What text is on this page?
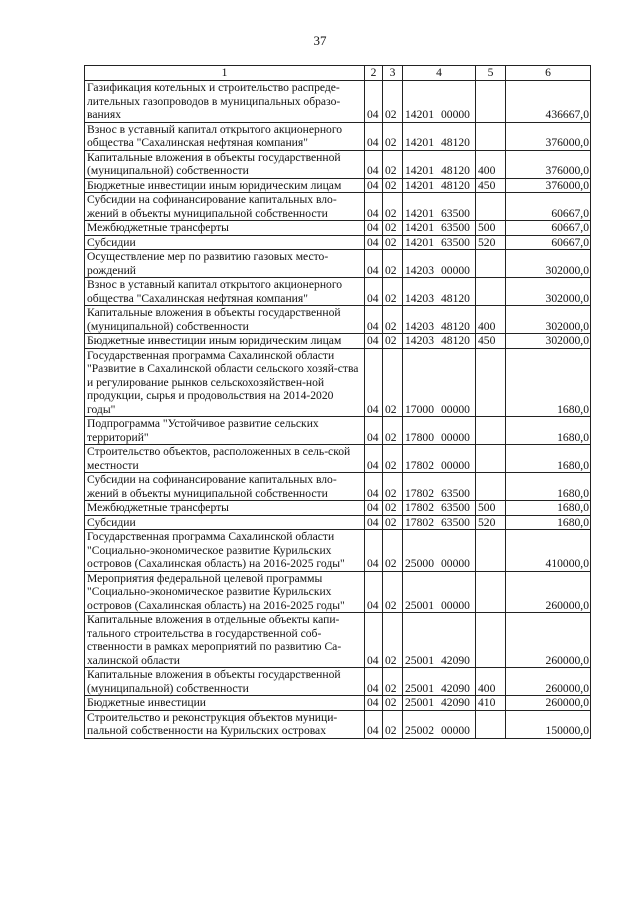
37
1	2	3	4	5	6
Газификация котельных и строительство распреде-лительных газопроводов в муниципальных образо-ваниях	04	02	14201 00000		436667,0
Взнос в уставный капитал открытого акционерного общества "Сахалинская нефтяная компания"	04	02	14201 48120		376000,0
Капитальные вложения в объекты государственной (муниципальной) собственности	04	02	14201 48120	400	376000,0
Бюджетные инвестиции иным юридическим лицам	04	02	14201 48120	450	376000,0
Субсидии на софинансирование капитальных вло-жений в объекты муниципальной собственности	04	02	14201 63500		60667,0
Межбюджетные трансферты	04	02	14201 63500	500	60667,0
Субсидии	04	02	14201 63500	520	60667,0
Осуществление мер по развитию газовых место-рождений	04	02	14203 00000		302000,0
Взнос в уставный капитал открытого акционерного общества "Сахалинская нефтяная компания"	04	02	14203 48120		302000,0
Капитальные вложения в объекты государственной (муниципальной) собственности	04	02	14203 48120	400	302000,0
Бюджетные инвестиции иным юридическим лицам	04	02	14203 48120	450	302000,0
Государственная программа Сахалинской области "Развитие в Сахалинской области сельского хозяй-ства и регулирование рынков сельскохозяйствен-ной продукции, сырья и продовольствия на 2014-2020 годы"	04	02	17000 00000		1680,0
Подпрограмма "Устойчивое развитие сельских территорий"	04	02	17800 00000		1680,0
Строительство объектов, расположенных в сель-ской местности	04	02	17802 00000		1680,0
Субсидии на софинансирование капитальных вло-жений в объекты муниципальной собственности	04	02	17802 63500		1680,0
Межбюджетные трансферты	04	02	17802 63500	500	1680,0
Субсидии	04	02	17802 63500	520	1680,0
Государственная программа Сахалинской области "Социально-экономическое развитие Курильских островов (Сахалинская область) на 2016-2025 годы"	04	02	25000 00000		410000,0
Мероприятия федеральной целевой программы "Социально-экономическое развитие Курильских островов (Сахалинская область) на 2016-2025 годы"	04	02	25001 00000		260000,0
Капитальные вложения в отдельные объекты капи-тального строительства в государственной соб-ственности в рамках мероприятий по развитию Са-халинской области	04	02	25001 42090		260000,0
Капитальные вложения в объекты государственной (муниципальной) собственности	04	02	25001 42090	400	260000,0
Бюджетные инвестиции	04	02	25001 42090	410	260000,0
Строительство и реконструкция объектов муници-пальной собственности на Курильских островах	04	02	25002 00000		150000,0
